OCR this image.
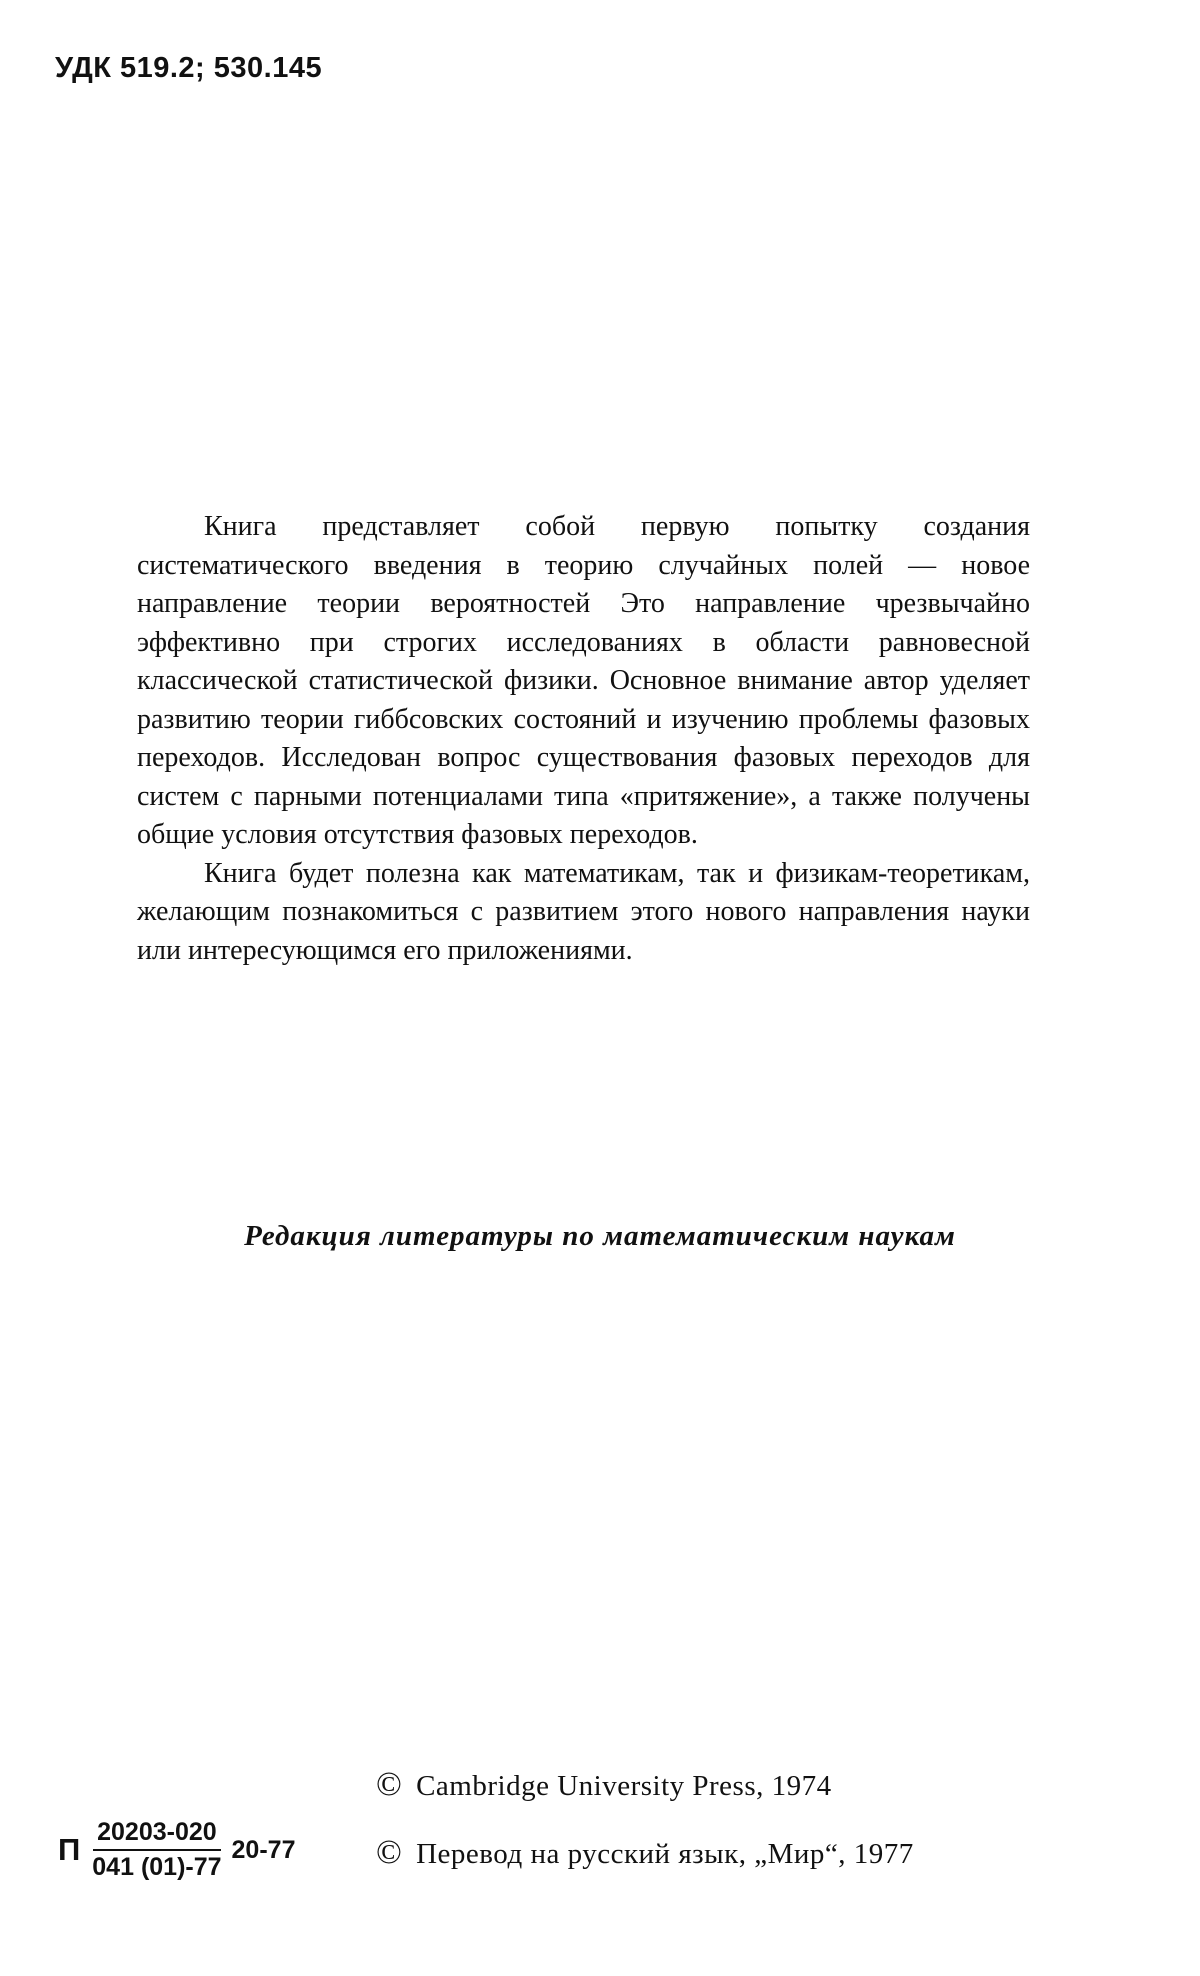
УДК 519.2; 530.145

Книга представляет собой первую попытку создания систематического введения в теорию случайных полей — новое направление теории вероятностей Это направление чрезвычайно эффективно при строгих исследованиях в области равновесной классической статистической физики. Основное внимание автор уделяет развитию теории гиббсовских состояний и изучению проблемы фазовых переходов. Исследован вопрос существования фазовых переходов для систем с парными потенциалами типа «притяжение», а также получены общие условия отсутствия фазовых переходов.

Книга будет полезна как математикам, так и физикам-теоретикам, желающим познакомиться с развитием этого нового направления науки или интересующимся его приложениями.

Редакция литературы по математическим наукам
© Cambridge University Press, 1974
П $\frac{20203-020}{041 (01)-77} 20-77$ © Перевод на русский язык, „Мир“, 1977
